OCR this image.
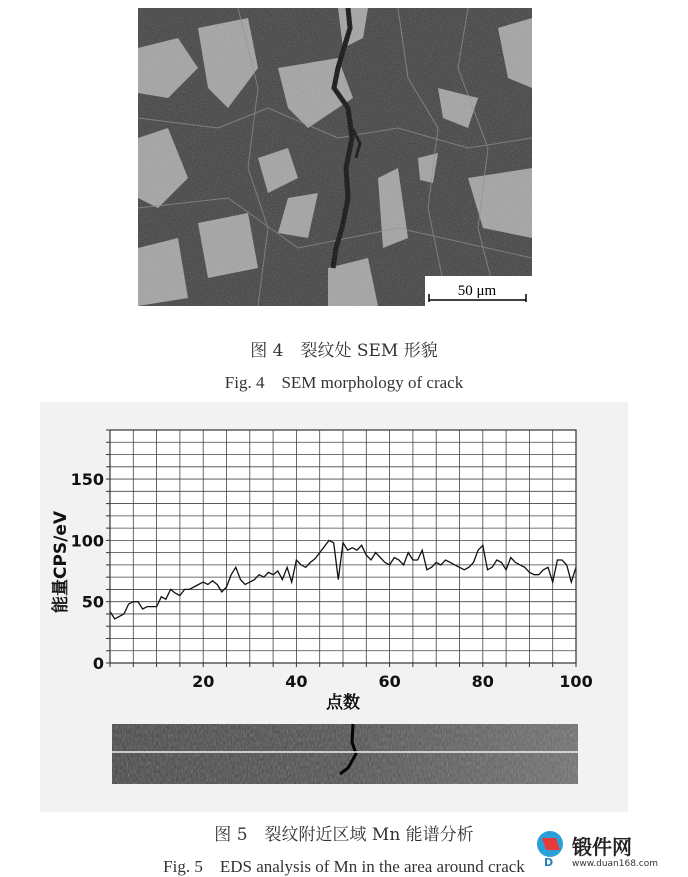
50 μm
图 4　裂纹处 SEM 形貌
Fig. 4　SEM morphology of crack
0
50
100
150
20	40	60	80	100
点数
能量CPS/eV
图 5　裂纹附近区域 Mn 能谱分析
Fig. 5　EDS analysis of Mn in the area around crack	D
锻件网
www.duan168.com
